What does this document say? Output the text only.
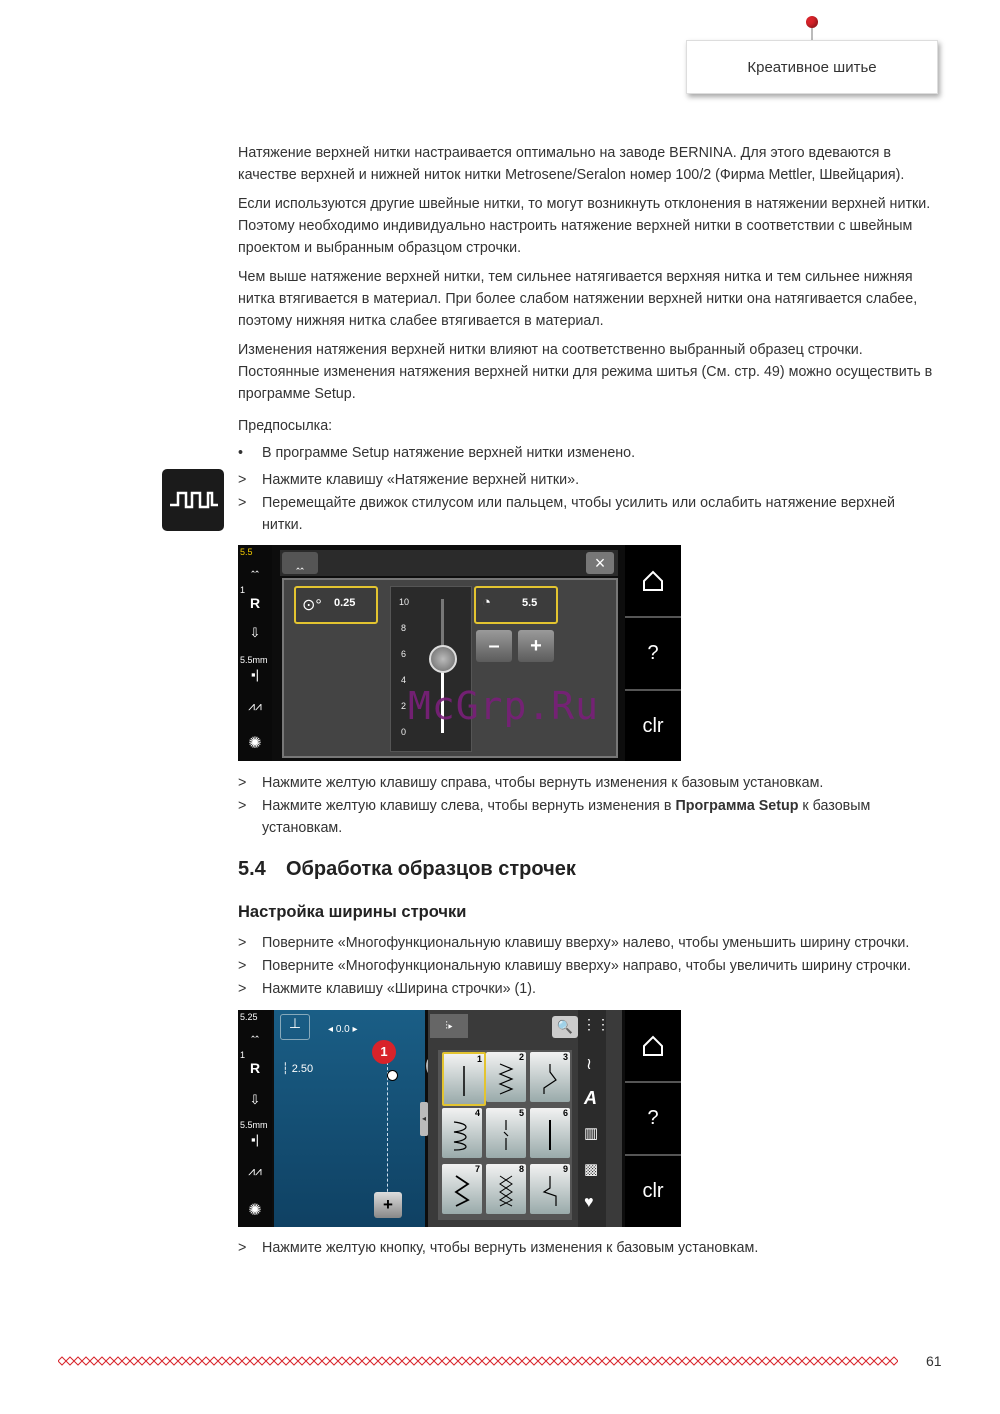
Креативное шитье

Натяжение верхней нитки настраивается оптимально на заводе BERNINA. Для этого вдеваются в качестве верхней и нижней ниток нитки Metrosene/Seralon номер 100/2 (Фирма Mettler, Швейцария).

Если используются другие швейные нитки, то могут возникнуть отклонения в натяжении верхней нитки. Поэтому необходимо индивидуально настроить натяжение верхней нитки в соответствии с швейным проектом и выбранным образцом строчки.

Чем выше натяжение верхней нитки, тем сильнее натягивается верхняя нитка и тем сильнее нижняя нитка втягивается в материал. При более слабом натяжении верхней нитки она натягивается слабее, поэтому нижняя нитка слабее втягивается в материал.

Изменения натяжения верхней нитки влияют на соответственно выбранный образец строчки. Постоянные изменения натяжения верхней нитки для режима шитья (См. стр. 49) можно осуществить в программе Setup.

Предпосылка:
•	В программе Setup натяжение верхней нитки изменено.
>	Нажмите клавишу «Натяжение верхней нитки».
>	Перемещайте движок стилусом или пальцем, чтобы усилить или ослабить натяжение верхней нитки.
5.5
ꞈꞈ
1
R
⇩
5.5mm
▪|
⩘⩘
✺
ꞈꞈ	×
⊙° 0.25	10
8
6
4
2
0
◔	5.5
–	+	?
clr
McGrp.Ru
>	Нажмите желтую клавишу справа, чтобы вернуть изменения к базовым установкам.
>	Нажмите желтую клавишу слева, чтобы вернуть изменения в Программа Setup к базовым установкам.
5.4 Обработка образцов строчек
Настройка ширины строчки
>	Поверните «Многофункциональную клавишу вверху» налево, чтобы уменьшить ширину строчки.
>	Поверните «Многофункциональную клавишу вверху» направо, чтобы увеличить ширину строчки.
>	Нажмите клавишу «Ширина строчки» (1).
5.25
ꞈꞈ
1
R
⇩
5.5mm
▪|
⩘⩘
✺
⊥	◂ 0.0 ▸
┆ 2.50
1
+
⫶▸	🔍
◂
1	2	3
4	5	6
7	8	9
⋮⋮
≀
A
▥
▩
♥
?
clr
>	Нажмите желтую кнопку, чтобы вернуть изменения к базовым установкам.
61
